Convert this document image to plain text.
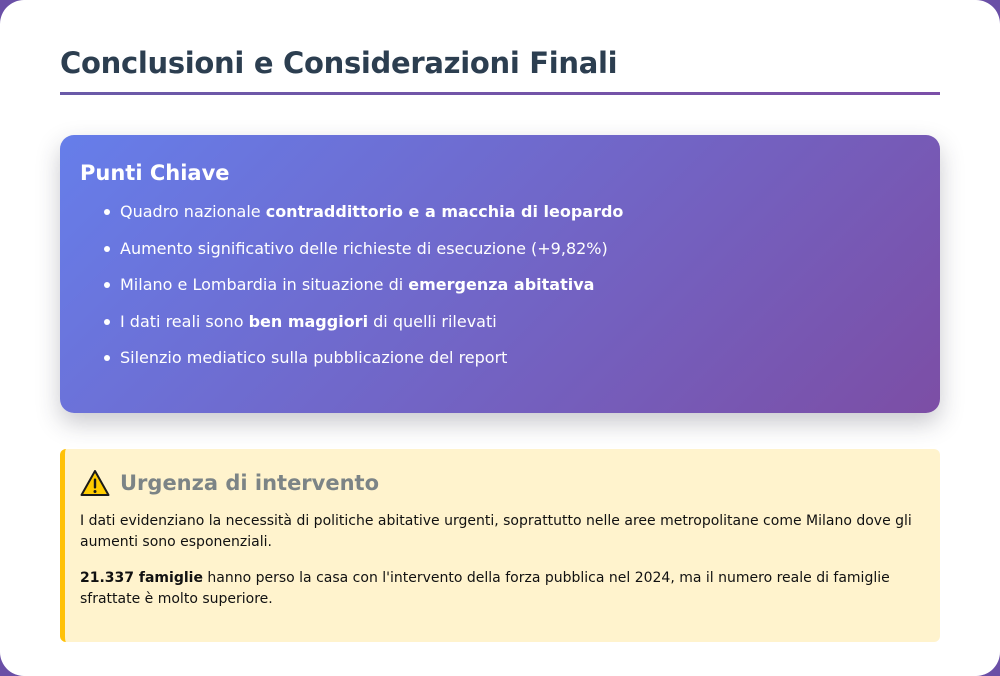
Conclusioni e Considerazioni Finali
Punti Chiave
Quadro nazionale contraddittorio e a macchia di leopardo
Aumento significativo delle richieste di esecuzione (+9,82%)
Milano e Lombardia in situazione di emergenza abitativa
I dati reali sono ben maggiori di quelli rilevati
Silenzio mediatico sulla pubblicazione del report
Urgenza di intervento

I dati evidenziano la necessità di politiche abitative urgenti, soprattutto nelle aree metropolitane come Milano dove gli aumenti sono esponenziali.

21.337 famiglie hanno perso la casa con l'intervento della forza pubblica nel 2024, ma il numero reale di famiglie sfrattate è molto superiore.
